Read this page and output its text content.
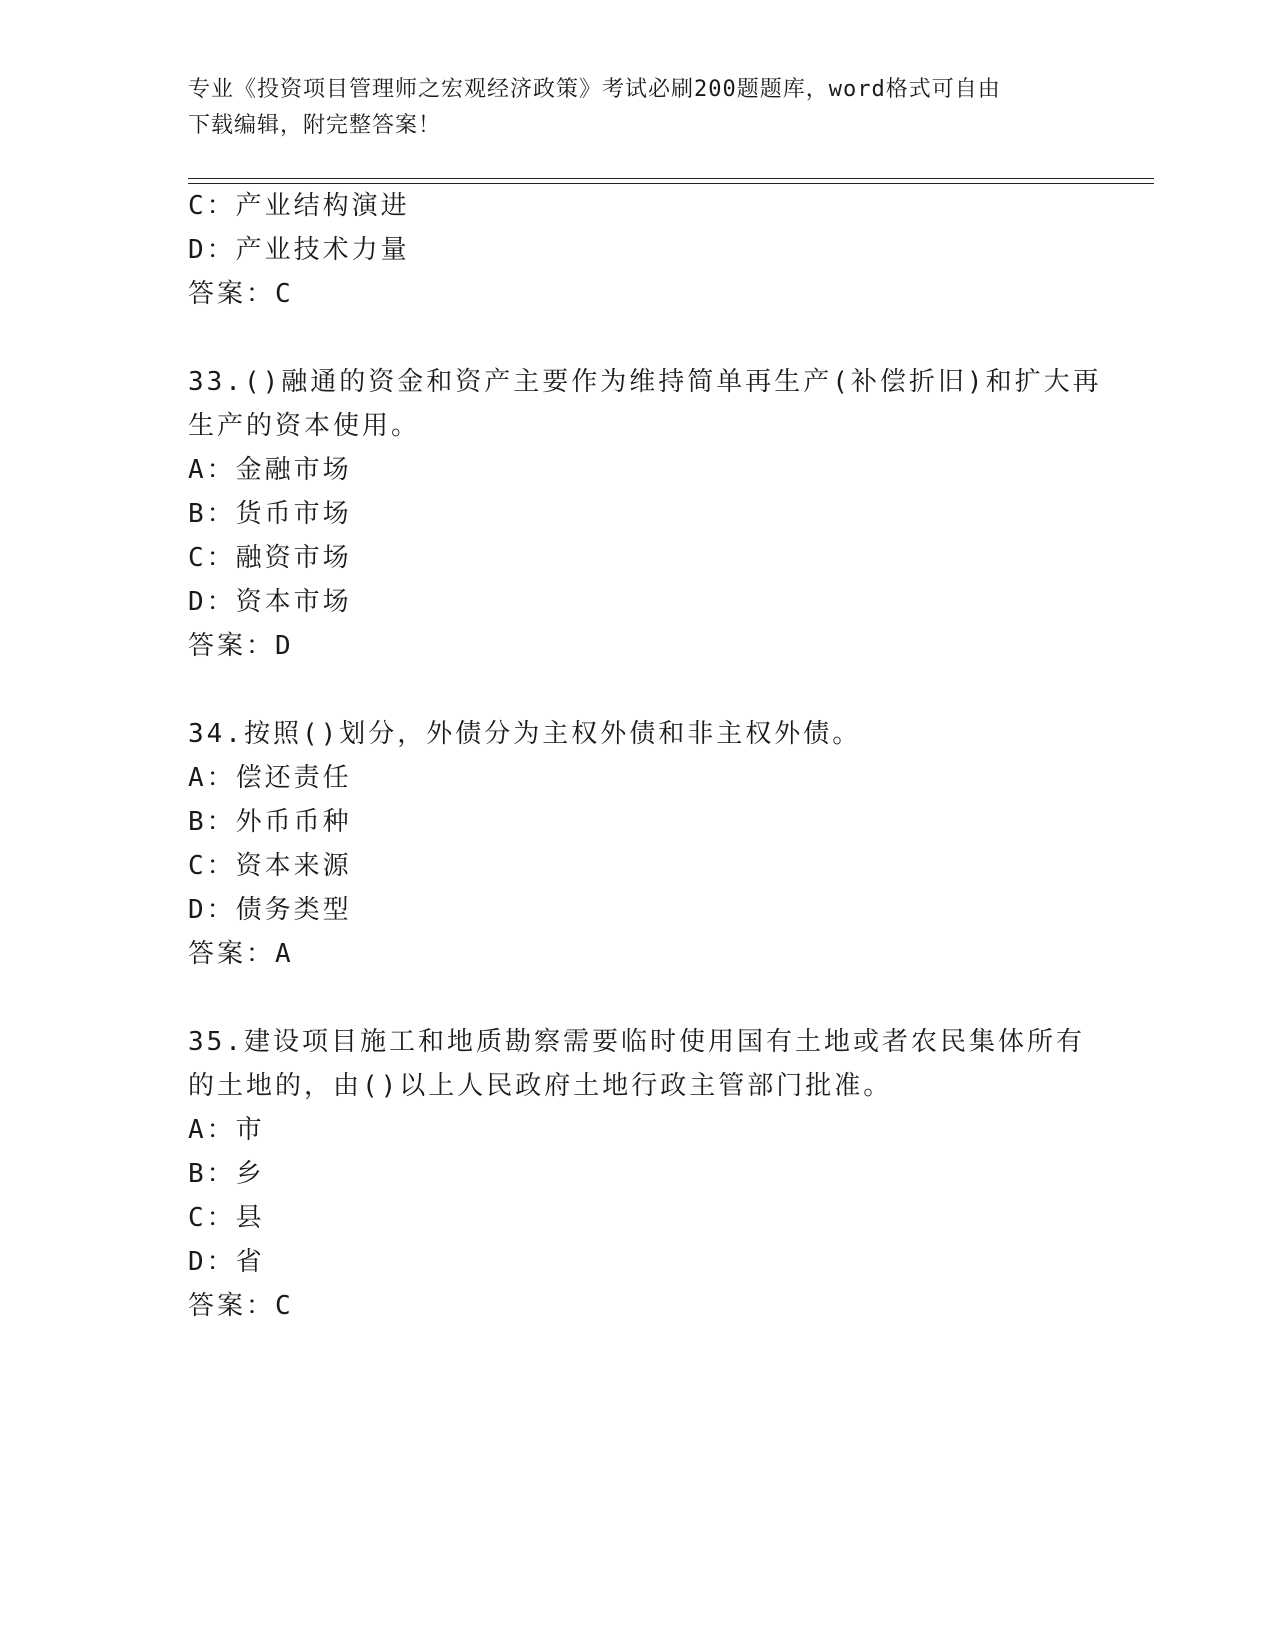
专业《投资项目管理师之宏观经济政策》考试必刷200题题库，word格式可自由
下载编辑，附完整答案！
C：产业结构演进
D：产业技术力量
答案：C
33.()融通的资金和资产主要作为维持简单再生产(补偿折旧)和扩大再
生产的资本使用。
A：金融市场
B：货币市场
C：融资市场
D：资本市场
答案：D
34.按照()划分，外债分为主权外债和非主权外债。
A：偿还责任
B：外币币种
C：资本来源
D：债务类型
答案：A
35.建设项目施工和地质勘察需要临时使用国有土地或者农民集体所有
的土地的，由()以上人民政府土地行政主管部门批准。
A：市
B：乡
C：县
D：省
答案：C
